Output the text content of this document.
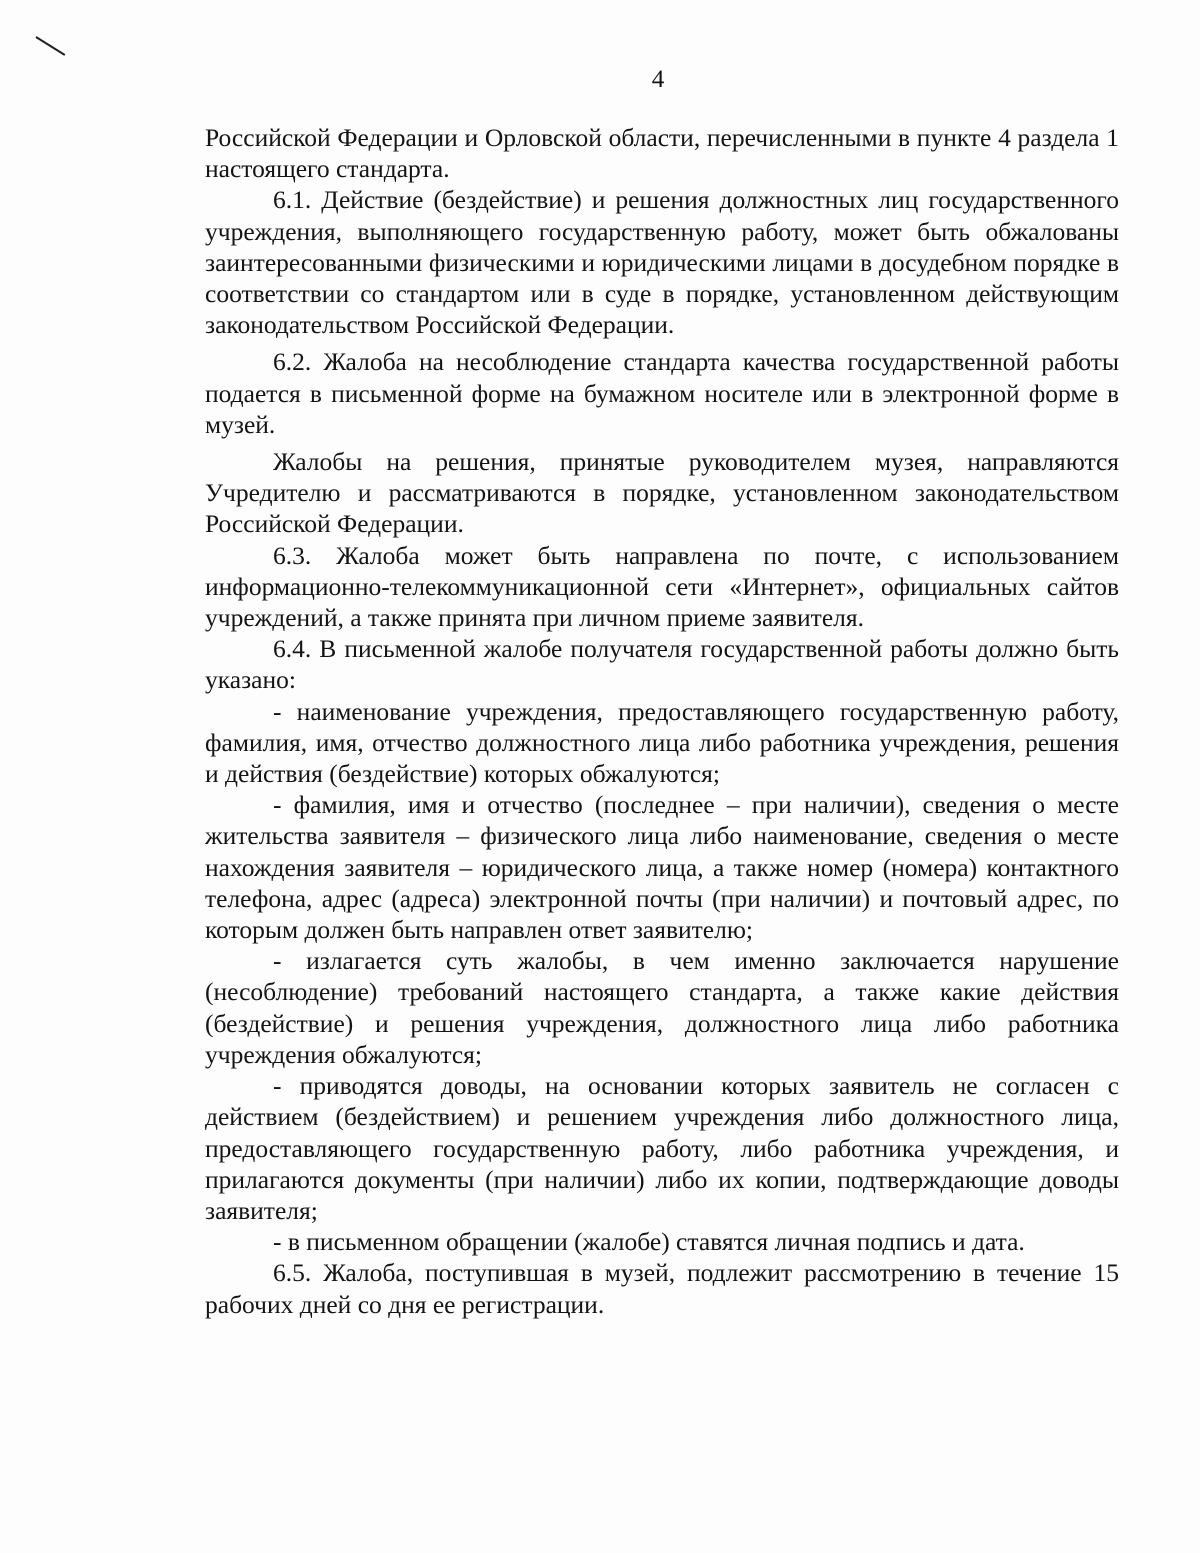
4

Российской Федерации и Орловской области, перечисленными в пункте 4 раздела 1 настоящего стандарта.

6.1. Действие (бездействие) и решения должностных лиц государственного учреждения, выполняющего государственную работу, может быть обжалованы заинтересованными физическими и юридическими лицами в досудебном порядке в соответствии со стандартом или в суде в порядке, установленном действующим законодательством Российской Федерации.

6.2. Жалоба на несоблюдение стандарта качества государственной работы подается в письменной форме на бумажном носителе или в электронной форме в музей.

Жалобы на решения, принятые руководителем музея, направляются Учредителю и рассматриваются в порядке, установленном законодательством Российской Федерации.

6.3. Жалоба может быть направлена по почте, с использованием информационно-телекоммуникационной сети «Интернет», официальных сайтов учреждений, а также принята при личном приеме заявителя.

6.4. В письменной жалобе получателя государственной работы должно быть указано:

- наименование учреждения, предоставляющего государственную работу, фамилия, имя, отчество должностного лица либо работника учреждения, решения и действия (бездействие) которых обжалуются;

- фамилия, имя и отчество (последнее – при наличии), сведения о месте жительства заявителя – физического лица либо наименование, сведения о месте нахождения заявителя – юридического лица, а также номер (номера) контактного телефона, адрес (адреса) электронной почты (при наличии) и почтовый адрес, по которым должен быть направлен ответ заявителю;

- излагается суть жалобы, в чем именно заключается нарушение (несоблюдение) требований настоящего стандарта, а также какие действия (бездействие) и решения учреждения, должностного лица либо работника учреждения обжалуются;

- приводятся доводы, на основании которых заявитель не согласен с действием (бездействием) и решением учреждения либо должностного лица, предоставляющего государственную работу, либо работника учреждения, и прилагаются документы (при наличии) либо их копии, подтверждающие доводы заявителя;

- в письменном обращении (жалобе) ставятся личная подпись и дата.

6.5. Жалоба, поступившая в музей, подлежит рассмотрению в течение 15 рабочих дней со дня ее регистрации.
